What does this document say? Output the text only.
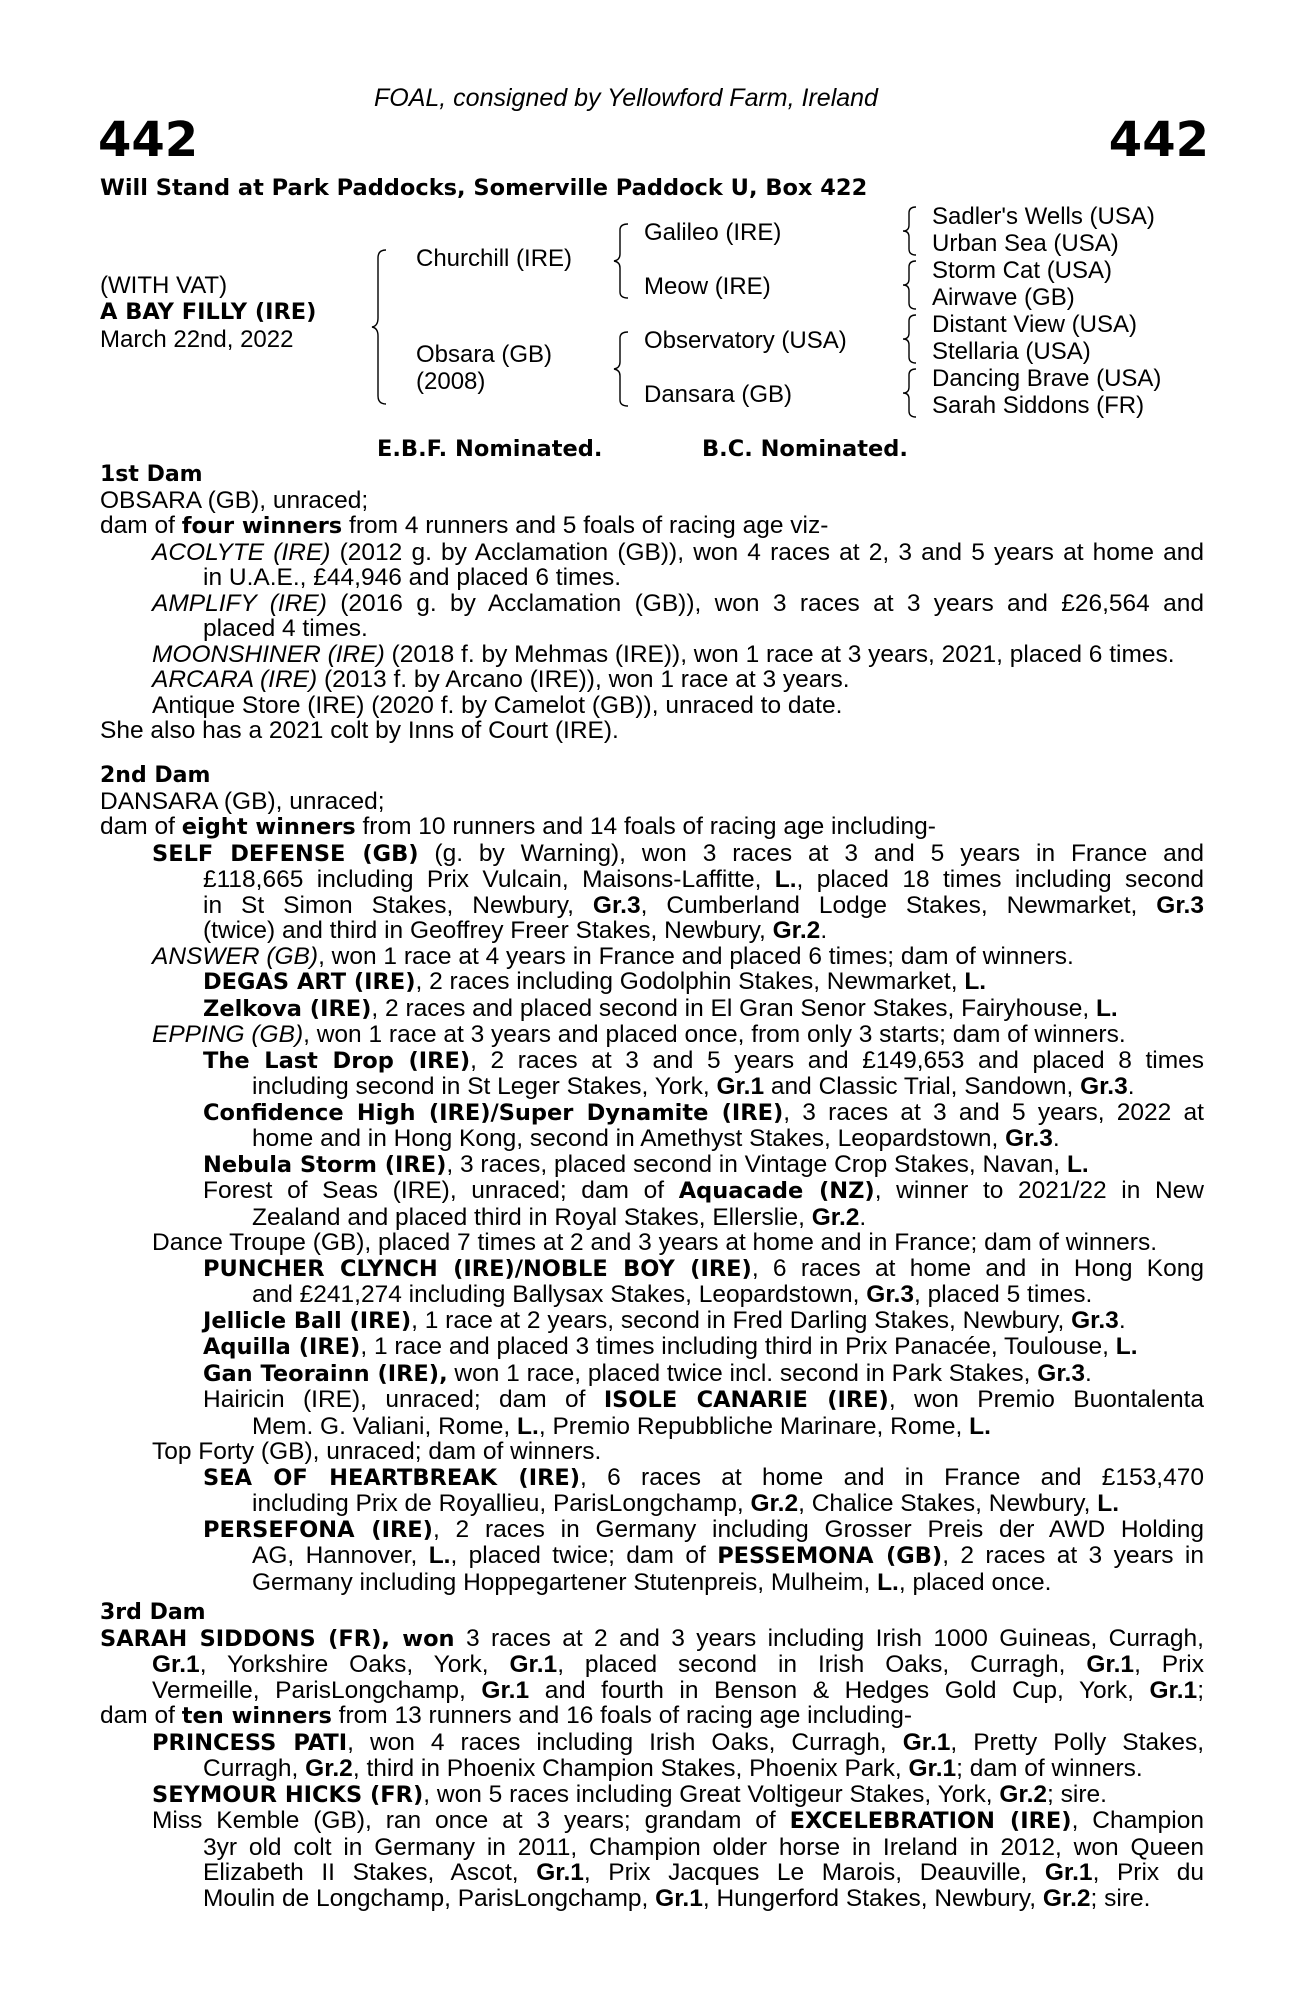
FOAL, consigned by Yellowford Farm, Ireland
442	442
Will Stand at Park Paddocks, Somerville Paddock U, Box 422
(WITH VAT)
A BAY FILLY (IRE)
March 22nd, 2022
Churchill (IRE)
Obsara (GB)
(2008)
Galileo (IRE)
Meow (IRE)
Observatory (USA)
Dansara (GB)
Sadler's Wells (USA)
Urban Sea (USA)
Storm Cat (USA)
Airwave (GB)
Distant View (USA)
Stellaria (USA)
Dancing Brave (USA)
Sarah Siddons (FR)
E.B.F. Nominated.	B.C. Nominated.
1st Dam
OBSARA (GB), unraced;
dam of four winners from 4 runners and 5 foals of racing age viz-
ACOLYTE (IRE) (2012 g. by Acclamation (GB)), won 4 races at 2, 3 and 5 years at home and
in U.A.E., £44,946 and placed 6 times.
AMPLIFY (IRE) (2016 g. by Acclamation (GB)), won 3 races at 3 years and £26,564 and
placed 4 times.
MOONSHINER (IRE) (2018 f. by Mehmas (IRE)), won 1 race at 3 years, 2021, placed 6 times.
ARCARA (IRE) (2013 f. by Arcano (IRE)), won 1 race at 3 years.
Antique Store (IRE) (2020 f. by Camelot (GB)), unraced to date.
She also has a 2021 colt by Inns of Court (IRE).
2nd Dam
DANSARA (GB), unraced;
dam of eight winners from 10 runners and 14 foals of racing age including-
SELF DEFENSE (GB) (g. by Warning), won 3 races at 3 and 5 years in France and
£118,665 including Prix Vulcain, Maisons-Laffitte, L., placed 18 times including second
in St Simon Stakes, Newbury, Gr.3, Cumberland Lodge Stakes, Newmarket, Gr.3
(twice) and third in Geoffrey Freer Stakes, Newbury, Gr.2.
ANSWER (GB), won 1 race at 4 years in France and placed 6 times; dam of winners.
DEGAS ART (IRE), 2 races including Godolphin Stakes, Newmarket, L.
Zelkova (IRE), 2 races and placed second in El Gran Senor Stakes, Fairyhouse, L.
EPPING (GB), won 1 race at 3 years and placed once, from only 3 starts; dam of winners.
The Last Drop (IRE), 2 races at 3 and 5 years and £149,653 and placed 8 times
including second in St Leger Stakes, York, Gr.1 and Classic Trial, Sandown, Gr.3.
Confidence High (IRE)/Super Dynamite (IRE), 3 races at 3 and 5 years, 2022 at
home and in Hong Kong, second in Amethyst Stakes, Leopardstown, Gr.3.
Nebula Storm (IRE), 3 races, placed second in Vintage Crop Stakes, Navan, L.
Forest of Seas (IRE), unraced; dam of Aquacade (NZ), winner to 2021/22 in New
Zealand and placed third in Royal Stakes, Ellerslie, Gr.2.
Dance Troupe (GB), placed 7 times at 2 and 3 years at home and in France; dam of winners.
PUNCHER CLYNCH (IRE)/NOBLE BOY (IRE), 6 races at home and in Hong Kong
and £241,274 including Ballysax Stakes, Leopardstown, Gr.3, placed 5 times.
Jellicle Ball (IRE), 1 race at 2 years, second in Fred Darling Stakes, Newbury, Gr.3.
Aquilla (IRE), 1 race and placed 3 times including third in Prix Panacée, Toulouse, L.
Gan Teorainn (IRE), won 1 race, placed twice incl. second in Park Stakes, Gr.3.
Hairicin (IRE), unraced; dam of ISOLE CANARIE (IRE), won Premio Buontalenta
Mem. G. Valiani, Rome, L., Premio Repubbliche Marinare, Rome, L.
Top Forty (GB), unraced; dam of winners.
SEA OF HEARTBREAK (IRE), 6 races at home and in France and £153,470
including Prix de Royallieu, ParisLongchamp, Gr.2, Chalice Stakes, Newbury, L.
PERSEFONA (IRE), 2 races in Germany including Grosser Preis der AWD Holding
AG, Hannover, L., placed twice; dam of PESSEMONA (GB), 2 races at 3 years in
Germany including Hoppegartener Stutenpreis, Mulheim, L., placed once.
3rd Dam
SARAH SIDDONS (FR), won 3 races at 2 and 3 years including Irish 1000 Guineas, Curragh,
Gr.1, Yorkshire Oaks, York, Gr.1, placed second in Irish Oaks, Curragh, Gr.1, Prix
Vermeille, ParisLongchamp, Gr.1 and fourth in Benson & Hedges Gold Cup, York, Gr.1;
dam of ten winners from 13 runners and 16 foals of racing age including-
PRINCESS PATI, won 4 races including Irish Oaks, Curragh, Gr.1, Pretty Polly Stakes,
Curragh, Gr.2, third in Phoenix Champion Stakes, Phoenix Park, Gr.1; dam of winners.
SEYMOUR HICKS (FR), won 5 races including Great Voltigeur Stakes, York, Gr.2; sire.
Miss Kemble (GB), ran once at 3 years; grandam of EXCELEBRATION (IRE), Champion
3yr old colt in Germany in 2011, Champion older horse in Ireland in 2012, won Queen
Elizabeth II Stakes, Ascot, Gr.1, Prix Jacques Le Marois, Deauville, Gr.1, Prix du
Moulin de Longchamp, ParisLongchamp, Gr.1, Hungerford Stakes, Newbury, Gr.2; sire.
